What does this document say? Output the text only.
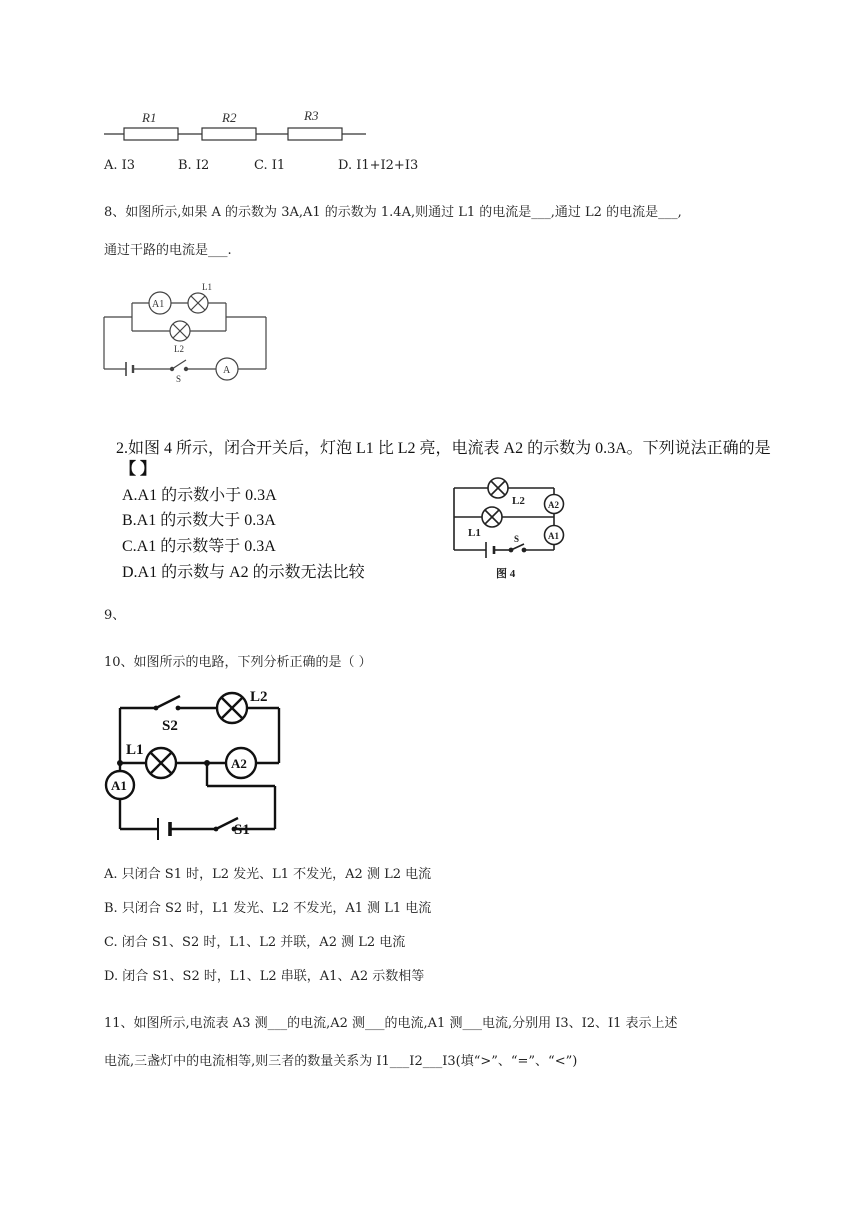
R1	R2	R3
A. I3	B. I2	C. I1	D. I1+I2+I3
8、如图所示,如果 A 的示数为 3A,A1 的示数为 1.4A,则通过 L1 的电流是___,通过 L2 的电流是___,
通过干路的电流是___.
A1
L1
L2
S
A
2.如图 4 所示，闭合开关后，灯泡 L1 比 L2 亮，电流表 A2 的示数为 0.3A。下列说法正确的是
【 】
A.A1 的示数小于 0.3A
B.A1 的示数大于 0.3A
C.A1 的示数等于 0.3A
D.A1 的示数与 A2 的示数无法比较
L2
L1
A2
A1
S
图 4
9、
10、如图所示的电路，下列分析正确的是（ ）
S2
L2
L1
A2
A1
S1
A. 只闭合 S1 时，L2 发光、L1 不发光，A2 测 L2 电流
B. 只闭合 S2 时，L1 发光、L2 不发光，A1 测 L1 电流
C. 闭合 S1、S2 时，L1、L2 并联，A2 测 L2 电流
D. 闭合 S1、S2 时，L1、L2 串联，A1、A2 示数相等
11、如图所示,电流表 A3 测___的电流,A2 测___的电流,A1 测___电流,分别用 I3、I2、I1 表示上述
电流,三盏灯中的电流相等,则三者的数量关系为 I1___I2___I3(填“>”、“=”、“<”)
